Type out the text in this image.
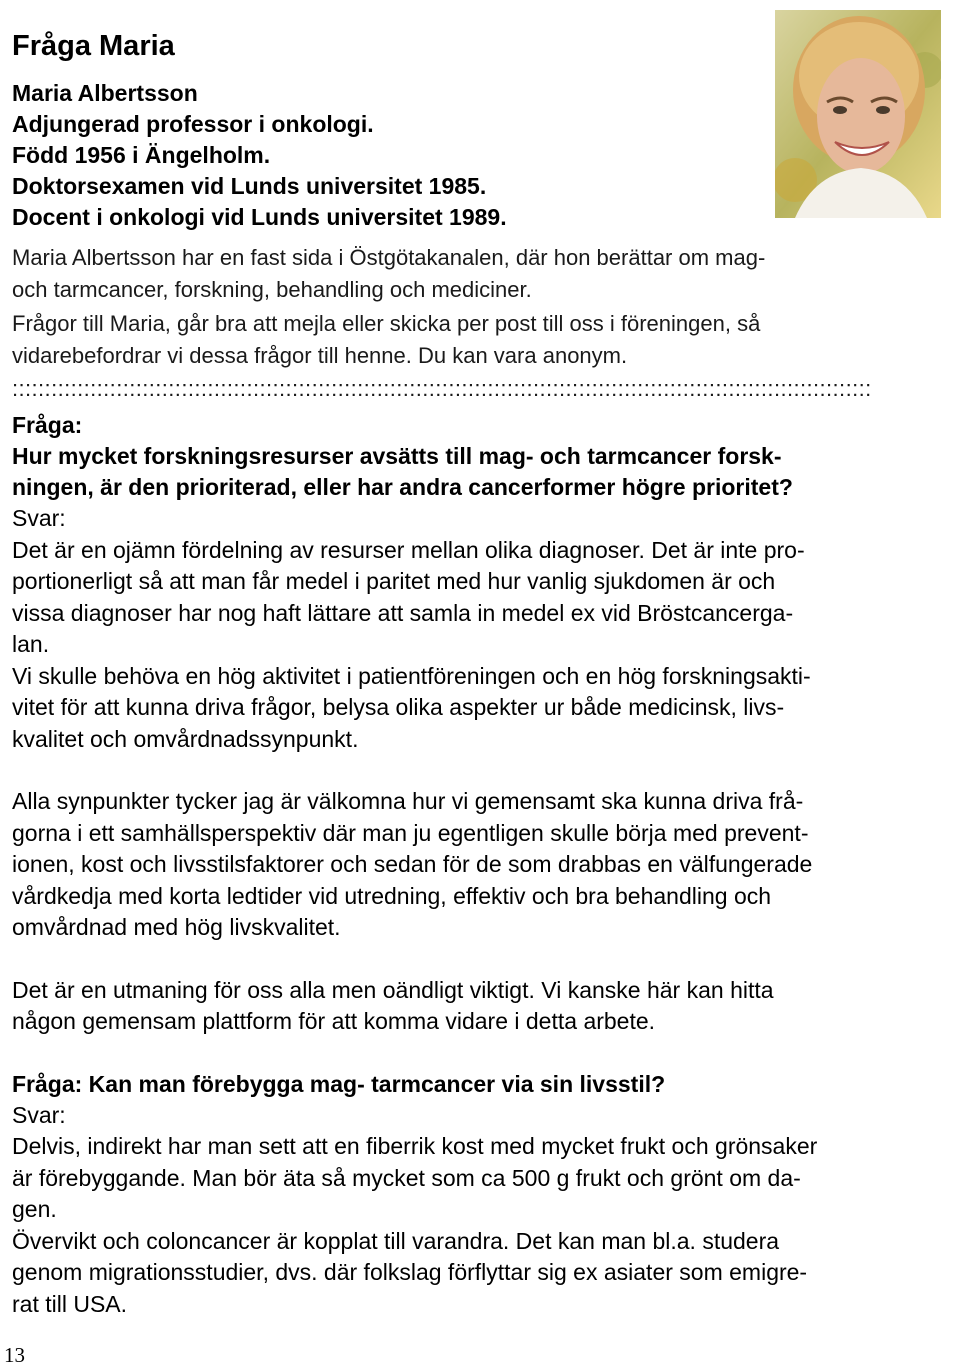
Fråga Maria
Maria Albertsson
Adjungerad professor i onkologi.
Född 1956 i Ängelholm.
Doktorsexamen vid Lunds universitet 1985.
Docent i onkologi vid Lunds universitet 1989.
Maria Albertsson har en fast sida i Östgötakanalen, där hon berättar om mag-
och tarmcancer, forskning, behandling och mediciner.
Frågor till Maria, går bra att mejla eller skicka per post till oss i föreningen, så
vidarebefordrar vi dessa frågor till henne. Du kan vara anonym.
::::::::::::::::::::::::::::::::::::::::::::::::::::::::::::::::::::::::::::::::::::::::::::::::::::::::::::::::::::::::::::::::::::
Fråga:
Hur mycket forskningsresurser avsätts till mag- och tarmcancer forsk-
ningen, är den prioriterad, eller har andra cancerformer högre prioritet?
Svar:
Det är en ojämn fördelning av resurser mellan olika diagnoser. Det är inte pro-
portionerligt så att man får medel i paritet med hur vanlig sjukdomen är och
vissa diagnoser har nog haft lättare att samla in medel ex vid Bröstcancerga-
lan.
Vi skulle behöva en hög aktivitet i patientföreningen och en hög forskningsakti-
vitet för att kunna driva frågor, belysa olika aspekter ur både medicinsk, livs-
kvalitet och omvårdnadssynpunkt.
Alla synpunkter tycker jag är välkomna hur vi gemensamt ska kunna driva frå-
gorna i ett samhällsperspektiv där man ju egentligen skulle börja med prevent-
ionen, kost och livsstilsfaktorer och sedan för de som drabbas en välfungerade
vårdkedja med korta ledtider vid utredning, effektiv och bra behandling och
omvårdnad med hög livskvalitet.
Det är en utmaning för oss alla men oändligt viktigt. Vi kanske här kan hitta
någon gemensam plattform för att komma vidare i detta arbete.
Fråga: Kan man förebygga mag- tarmcancer via sin livsstil?
Svar:
Delvis, indirekt har man sett att en fiberrik kost med mycket frukt och grönsaker
är förebyggande. Man bör äta så mycket som ca 500 g frukt och grönt om da-
gen.
Övervikt och coloncancer är kopplat till varandra. Det kan man bl.a. studera
genom migrationsstudier, dvs. där folkslag förflyttar sig ex asiater som emigre-
rat till USA.
13
